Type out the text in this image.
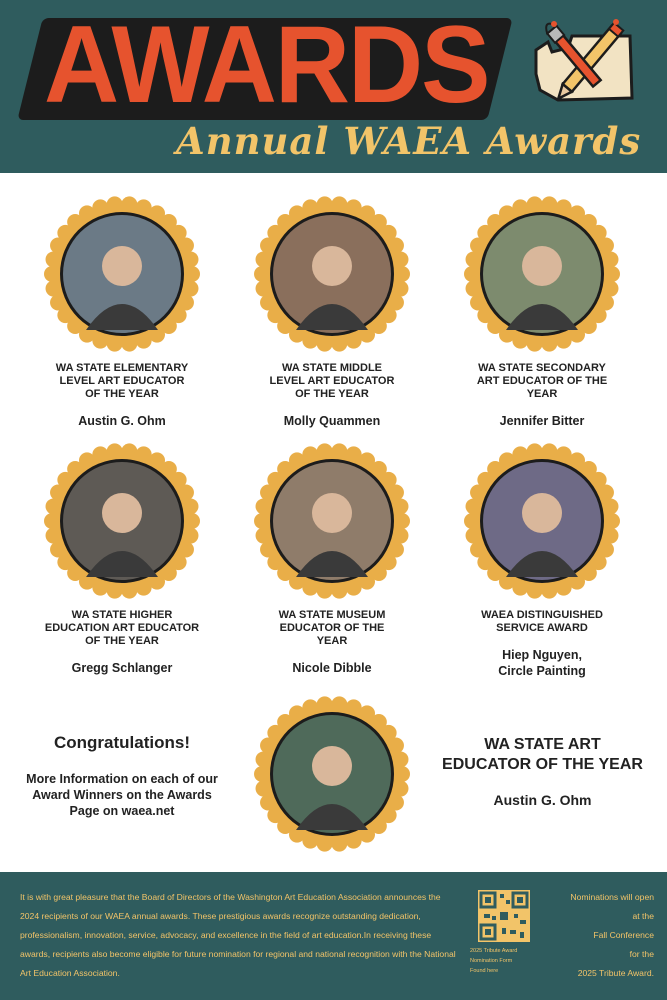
AWARDS
Annual WAEA Awards
WA STATE ELEMENTARY
LEVEL ART EDUCATOR
OF THE YEAR
Austin G. Ohm
WA STATE MIDDLE
LEVEL ART EDUCATOR
OF THE YEAR
Molly Quammen
WA STATE SECONDARY
ART EDUCATOR OF THE
YEAR
Jennifer Bitter
WA STATE HIGHER
EDUCATION ART EDUCATOR
OF THE YEAR
Gregg Schlanger
WA STATE MUSEUM
EDUCATOR OF THE
YEAR
Nicole Dibble
WAEA DISTINGUISHED
SERVICE AWARD
Hiep Nguyen,
Circle Painting
Congratulations!
More Information on each of our Award Winners on the Awards Page on waea.net
WA STATE ART
EDUCATOR OF THE YEAR
Austin G. Ohm
It is with great pleasure that the Board of Directors of the Washington Art Education Association announces the 2024 recipients of our WAEA annual awards. These prestigious awards recognize outstanding dedication, professionalism, innovation, service, advocacy, and excellence in the field of art education.In receiving these awards, recipients also become eligible for future nomination for regional and national recognition with the National Art Education Association.
2025 Tribute Award
Nomination Form
Found here
Nominations will open
at the
Fall Conference
for the
2025 Tribute Award.
